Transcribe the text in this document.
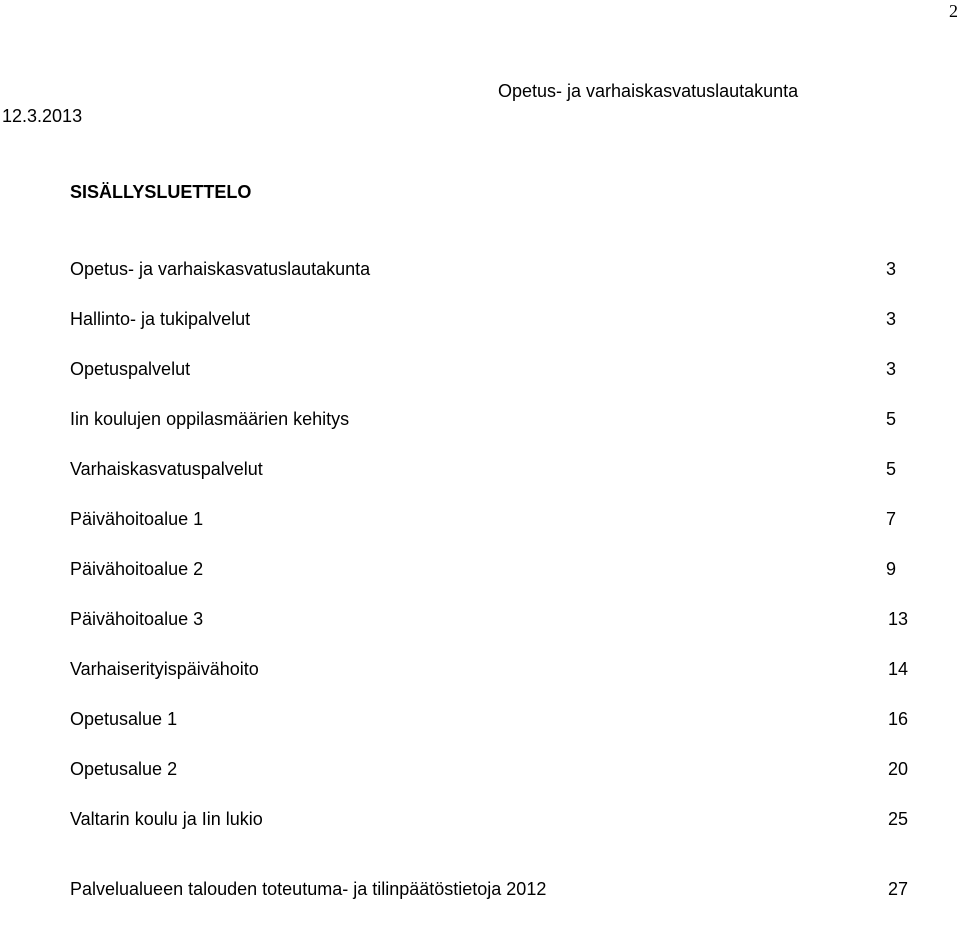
2
Opetus- ja varhaiskasvatuslautakunta
12.3.2013
SISÄLLYSLUETTELO
Opetus- ja varhaiskasvatuslautakunta	3
Hallinto- ja tukipalvelut	3
Opetuspalvelut	3
Iin koulujen oppilasmäärien kehitys	5
Varhaiskasvatuspalvelut	5
Päivähoitoalue 1	7
Päivähoitoalue 2	9
Päivähoitoalue 3	13
Varhaiserityispäivähoito	14
Opetusalue 1	16
Opetusalue 2	20
Valtarin koulu ja Iin lukio	25
Palvelualueen talouden toteutuma- ja tilinpäätöstietoja 2012	27
